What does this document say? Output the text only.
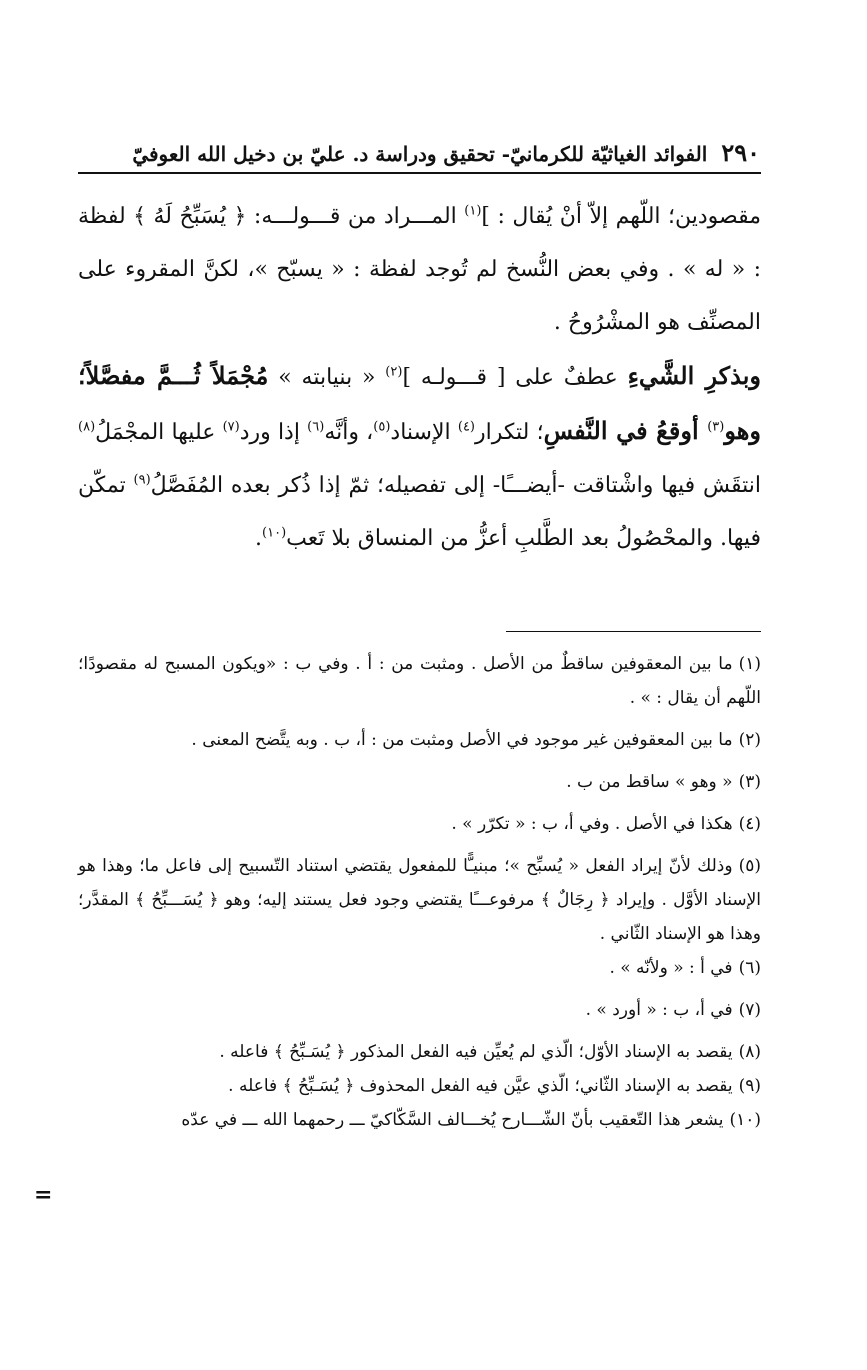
٢٩٠
الفوائد الغياثيّة للكرمانيّ- تحقيق ودراسة د. عليّ بن دخيل الله العوفيّ

مقصودين؛ اللّهم إلاّ أنْ يُقال : ]$^{(١)}$ المـــراد من قـــولـــه: ﴿ يُسَبِّحُ لَهُ ﴾ لفظة : « له » . وفي بعض النُّسخ لم تُوجد لفظة : « يسبّح »، لكنَّ المقروء على المصنِّف هو المشْرُوحُ .

وبذكرِ الشَّيءِ عطفٌ على [ قـــولـه ]$^{(٢)}$ « بنيابته » مُجْمَلاً ثُـــمَّ مفصَّلاً؛ وهو$^{(٣)}$ أوقعُ في النَّفسِ؛ لتكرار$^{(٤)}$ الإسناد$^{(٥)}$، وأنَّه$^{(٦)}$ إذا ورد$^{(٧)}$ عليها المجْمَلُ$^{(٨)}$ انتقَش فيها واشْتاقت -أيضـــًا- إلى تفصيله؛ ثمّ إذا ذُكر بعده المُفَصَّلُ$^{(٩)}$ تمكّن فيها. والمحْصُولُ بعد الطَّلبِ أعزُّ من المنساق بلا تَعب$^{(١٠)}$.

(١)ما بين المعقوفين ساقطٌ من الأصل . ومثبت من : أ . وفي ب : «ويكون المسبح له مقصودًا؛ اللّهم أن يقال : » .

(٢)ما بين المعقوفين غير موجود في الأصل ومثبت من : أ، ب . وبه يتَّضح المعنى .

(٣)« وهو » ساقط من ب .

(٤)هكذا في الأصل . وفي أ، ب : « تكرّر » .

(٥)وذلك لأنّ إيراد الفعل « يُسبِّح »؛ مبنيـًّا للمفعول يقتضي استناد التّسبيح إلى فاعل ما؛ وهذا هو الإسناد الأوَّل . وإيراد ﴿ رِجَالٌ ﴾ مرفوعـــًا يقتضي وجود فعل يستند إليه؛ وهو ﴿ يُسَـــبِّحُ ﴾ المقدَّر؛ وهذا هو الإسناد الثّاني .

(٦)في أ : « ولأنّه » .

(٧)في أ، ب : « أورد » .

(٨)يقصد به الإسناد الأوّل؛ الّذي لم يُعيِّن فيه الفعل المذكور ﴿ يُسَـبِّحُ ﴾ فاعله .

(٩)يقصد به الإسناد الثّاني؛ الّذي عيَّن فيه الفعل المحذوف ﴿ يُسَـبِّحُ ﴾ فاعله .

(١٠)يشعر هذا التّعقيب بأنّ الشّـــارح يُخـــالف السَّكّاكيّ ـــ رحمهما الله ـــ في عدّه

=
